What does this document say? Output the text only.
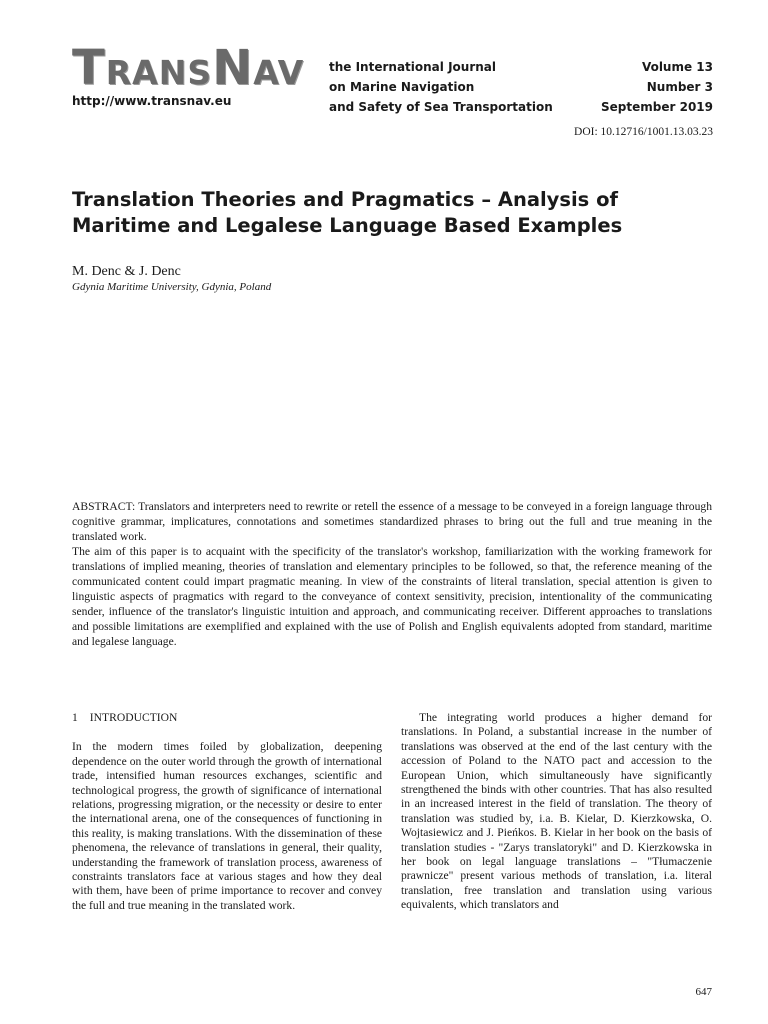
TRANSNAV
http://www.transnav.eu
the International Journal
on Marine Navigation
and Safety of Sea Transportation
Volume 13
Number 3
September 2019
DOI: 10.12716/1001.13.03.23
Translation Theories and Pragmatics – Analysis of Maritime and Legalese Language Based Examples
M. Denc & J. Denc
Gdynia Maritime University, Gdynia, Poland

ABSTRACT: Translators and interpreters need to rewrite or retell the essence of a message to be conveyed in a foreign language through cognitive grammar, implicatures, connotations and sometimes standardized phrases to bring out the full and true meaning in the translated work.

The aim of this paper is to acquaint with the specificity of the translator's workshop, familiarization with the working framework for translations of implied meaning, theories of translation and elementary principles to be followed, so that, the reference meaning of the communicated content could impart pragmatic meaning. In view of the constraints of literal translation, special attention is given to linguistic aspects of pragmatics with regard to the conveyance of context sensitivity, precision, intentionality of the communicating sender, influence of the translator's linguistic intuition and approach, and communicating receiver. Different approaches to translations and possible limitations are exemplified and explained with the use of Polish and English equivalents adopted from standard, maritime and legalese language.

1 INTRODUCTION

In the modern times foiled by globalization, deepening dependence on the outer world through the growth of international trade, intensified human resources exchanges, scientific and technological progress, the growth of significance of international relations, progressing migration, or the necessity or desire to enter the international arena, one of the consequences of functioning in this reality, is making translations. With the dissemination of these phenomena, the relevance of translations in general, their quality, understanding the framework of translation process, awareness of constraints translators face at various stages and how they deal with them, have been of prime importance to recover and convey the full and true meaning in the translated work.

The integrating world produces a higher demand for translations. In Poland, a substantial increase in the number of translations was observed at the end of the last century with the accession of Poland to the NATO pact and accession to the European Union, which simultaneously have significantly strengthened the binds with other countries. That has also resulted in an increased interest in the field of translation. The theory of translation was studied by, i.a. B. Kielar, D. Kierzkowska, O. Wojtasiewicz and J. Pieńkos. B. Kielar in her book on the basis of translation studies - "Zarys translatoryki" and D. Kierzkowska in her book on legal language translations – "Tłumaczenie prawnicze" present various methods of translation, i.a. literal translation, free translation and translation using various equivalents, which translators and

647
